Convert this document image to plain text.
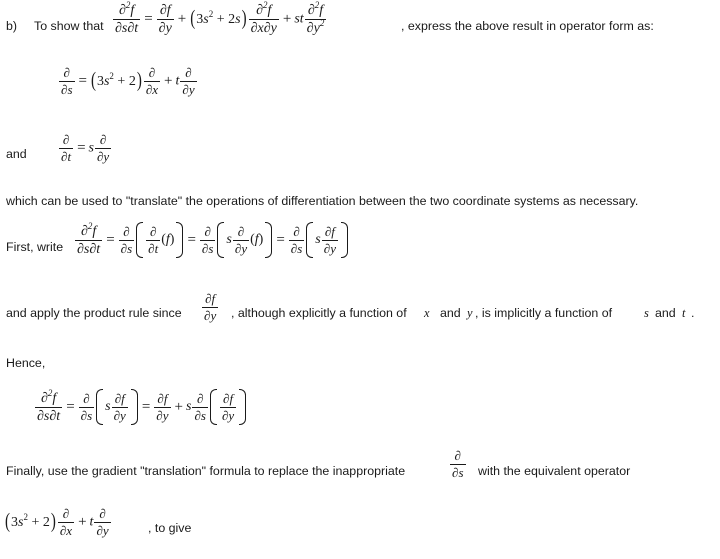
b) To show that $\frac{\partial^2f}{\partial s\partial t} = \frac{\partial f}{\partial y} + (3s^2 + 2s) \frac{\partial^2f}{\partial x\partial y}$ + st $\frac{\partial^2f}{\partial y^2}$	, express the above result in operator form as:
$\frac{\partial}{\partial s} = (3s^2 + 2) \frac{\partial}{\partial x} + t \frac{\partial}{\partial y}$
and $\frac{\partial}{\partial t} = s \frac{\partial}{\partial y}$
which can be used to "translate" the operations of differentiation between the two coordinate systems as necessary.
First, write $\frac{\partial^2f}{\partial s\partial t} = \frac{\partial}{\partial s} \frac{\partial}{\partial t} (f) = \frac{\partial}{\partial s}$ s $\frac{\partial}{\partial y} (f) = \frac{\partial}{\partial s}$ s $\frac{\partial f}{\partial y}$
and apply the product rule since $\frac{\partial f}{\partial y}$ , although explicitly a function of x and y , is implicitly a function of	s and t .
Hence,
$\frac{\partial^2f}{\partial s\partial t} = \frac{\partial}{\partial s}$ s $\frac{\partial f}{\partial y} = \frac{\partial f}{\partial y} + s \frac{\partial}{\partial s} \frac{\partial f}{\partial y}$
Finally, use the gradient "translation" formula to replace the inappropriate	$\frac{\partial}{\partial s}$ with the equivalent operator
$(3s^2 + 2) \frac{\partial}{\partial x} + t \frac{\partial}{\partial y}$	, to give
